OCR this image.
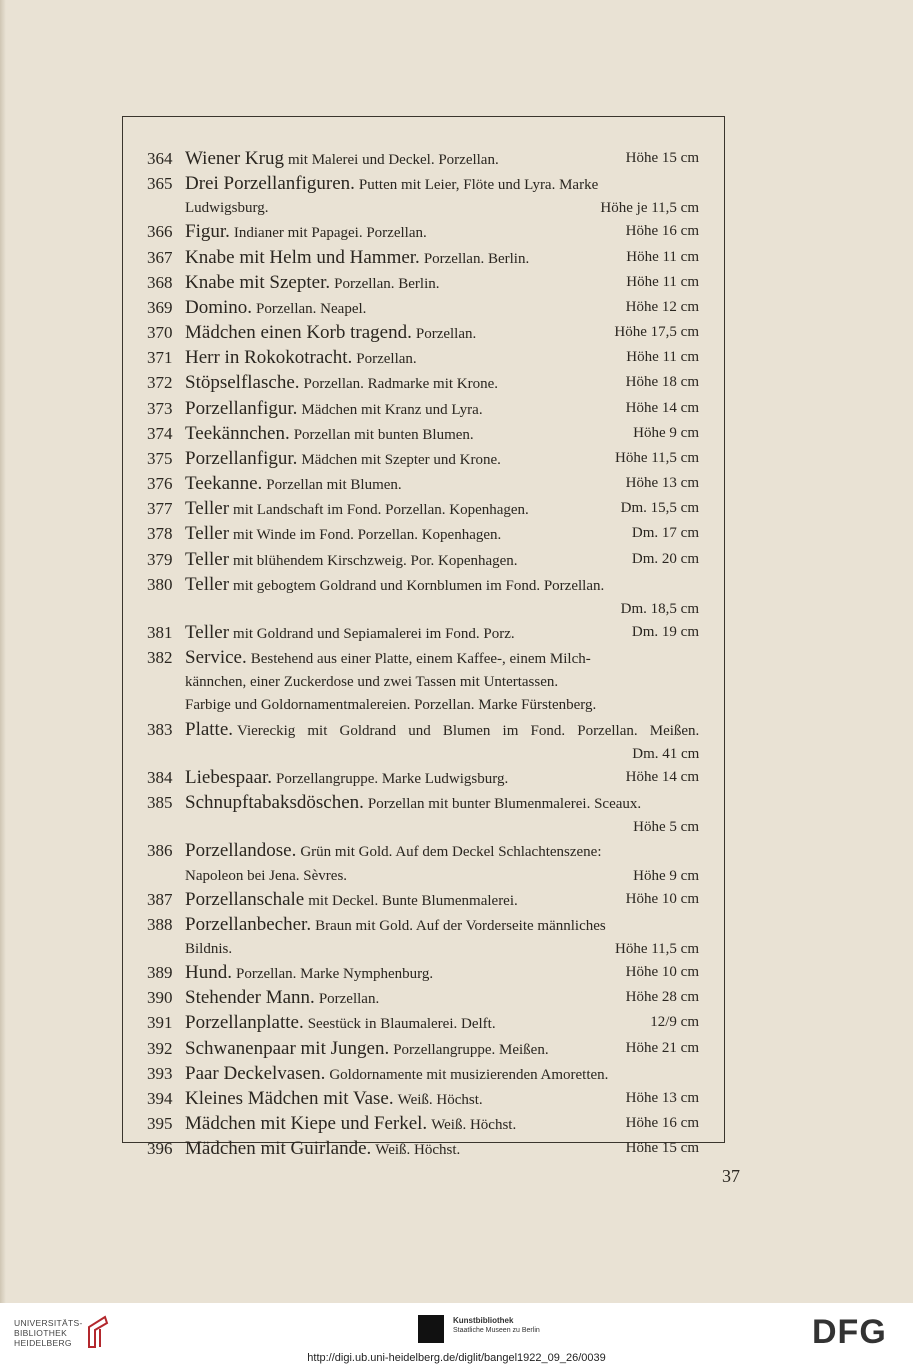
364 Wiener Krug mit Malerei und Deckel. Porzellan.	Höhe 15 cm
365 Drei Porzellanfiguren. Putten mit Leier, Flöte und Lyra. Marke
Ludwigsburg.	Höhe je 11,5 cm
366 Figur. Indianer mit Papagei. Porzellan.	Höhe 16 cm
367 Knabe mit Helm und Hammer. Porzellan. Berlin.	Höhe 11 cm
368 Knabe mit Szepter. Porzellan. Berlin.	Höhe 11 cm
369 Domino. Porzellan. Neapel.	Höhe 12 cm
370 Mädchen einen Korb tragend. Porzellan.	Höhe 17,5 cm
371 Herr in Rokokotracht. Porzellan.	Höhe 11 cm
372 Stöpselflasche. Porzellan. Radmarke mit Krone.	Höhe 18 cm
373 Porzellanfigur. Mädchen mit Kranz und Lyra.	Höhe 14 cm
374 Teekännchen. Porzellan mit bunten Blumen.	Höhe 9 cm
375 Porzellanfigur. Mädchen mit Szepter und Krone.	Höhe 11,5 cm
376 Teekanne. Porzellan mit Blumen.	Höhe 13 cm
377 Teller mit Landschaft im Fond. Porzellan. Kopenhagen.	Dm. 15,5 cm
378 Teller mit Winde im Fond. Porzellan. Kopenhagen.	Dm. 17 cm
379 Teller mit blühendem Kirschzweig. Por. Kopenhagen.	Dm. 20 cm
380 Teller mit gebogtem Goldrand und Kornblumen im Fond. Porzellan.
Dm. 18,5 cm
381 Teller mit Goldrand und Sepiamalerei im Fond. Porz.	Dm. 19 cm
382 Service. Bestehend aus einer Platte, einem Kaffee-, einem Milch-
kännchen, einer Zuckerdose und zwei Tassen mit Untertassen.
Farbige und Goldornamentmalereien. Porzellan. Marke Fürstenberg.
383 Platte. Viereckig mit Goldrand und Blumen im Fond. Porzellan. Meißen.
Dm. 41 cm
384 Liebespaar. Porzellangruppe. Marke Ludwigsburg.	Höhe 14 cm
385 Schnupftabaksdöschen. Porzellan mit bunter Blumenmalerei. Sceaux.
Höhe 5 cm
386 Porzellandose. Grün mit Gold. Auf dem Deckel Schlachtenszene:
Napoleon bei Jena. Sèvres.	Höhe 9 cm
387 Porzellanschale mit Deckel. Bunte Blumenmalerei.	Höhe 10 cm
388 Porzellanbecher. Braun mit Gold. Auf der Vorderseite männliches
Bildnis.	Höhe 11,5 cm
389 Hund. Porzellan. Marke Nymphenburg.	Höhe 10 cm
390 Stehender Mann. Porzellan.	Höhe 28 cm
391 Porzellanplatte. Seestück in Blaumalerei. Delft.	12/9 cm
392 Schwanenpaar mit Jungen. Porzellangruppe. Meißen.	Höhe 21 cm
393 Paar Deckelvasen. Goldornamente mit musizierenden Amoretten.
394 Kleines Mädchen mit Vase. Weiß. Höchst.	Höhe 13 cm
395 Mädchen mit Kiepe und Ferkel. Weiß. Höchst.	Höhe 16 cm
396 Mädchen mit Guirlande. Weiß. Höchst.	Höhe 15 cm
37
UNIVERSITÄTS-
BIBLIOTHEK
HEIDELBERG
Kunstbibliothek
Staatliche Museen zu Berlin	DFG
http://digi.ub.uni-heidelberg.de/diglit/bangel1922_09_26/0039
